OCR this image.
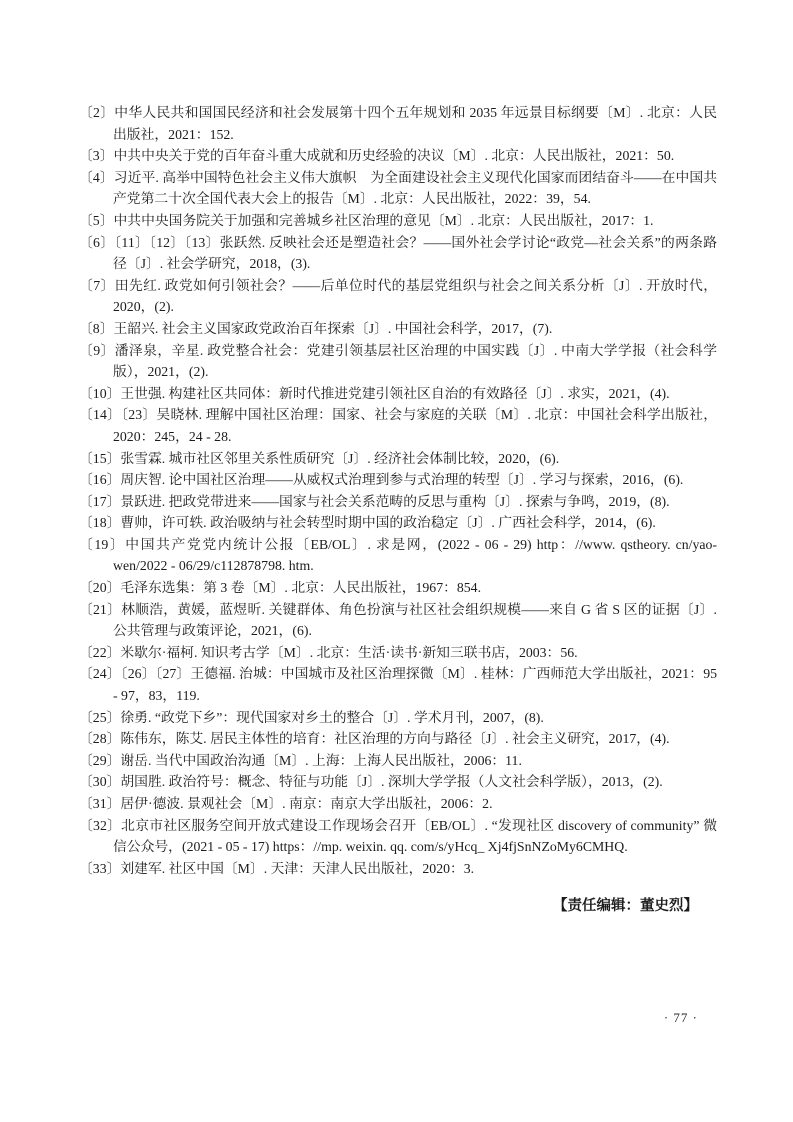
〔2〕中华人民共和国国民经济和社会发展第十四个五年规划和 2035 年远景目标纲要〔M〕. 北京：人民出版社，2021：152.

〔3〕中共中央关于党的百年奋斗重大成就和历史经验的决议〔M〕. 北京：人民出版社，2021：50.

〔4〕习近平. 高举中国特色社会主义伟大旗帜　为全面建设社会主义现代化国家而团结奋斗——在中国共产党第二十次全国代表大会上的报告〔M〕. 北京：人民出版社，2022：39，54.

〔5〕中共中央国务院关于加强和完善城乡社区治理的意见〔M〕. 北京：人民出版社，2017：1.

〔6〕〔11〕〔12〕〔13〕张跃然. 反映社会还是塑造社会？——国外社会学讨论“政党—社会关系”的两条路径〔J〕. 社会学研究，2018，(3).

〔7〕田先红. 政党如何引领社会？——后单位时代的基层党组织与社会之间关系分析〔J〕. 开放时代，2020，(2).

〔8〕王韶兴. 社会主义国家政党政治百年探索〔J〕. 中国社会科学，2017，(7).

〔9〕潘泽泉，辛星. 政党整合社会：党建引领基层社区治理的中国实践〔J〕. 中南大学学报（社会科学版），2021，(2).

〔10〕王世强. 构建社区共同体：新时代推进党建引领社区自治的有效路径〔J〕. 求实，2021，(4).

〔14〕〔23〕吴晓林. 理解中国社区治理：国家、社会与家庭的关联〔M〕. 北京：中国社会科学出版社，2020：245，24 - 28.

〔15〕张雪霖. 城市社区邻里关系性质研究〔J〕. 经济社会体制比较，2020，(6).

〔16〕周庆智. 论中国社区治理——从威权式治理到参与式治理的转型〔J〕. 学习与探索，2016，(6).

〔17〕景跃进. 把政党带进来——国家与社会关系范畴的反思与重构〔J〕. 探索与争鸣，2019，(8).

〔18〕曹帅，许可轶. 政治吸纳与社会转型时期中国的政治稳定〔J〕. 广西社会科学，2014，(6).

〔19〕中国共产党党内统计公报〔EB/OL〕. 求是网，(2022 - 06 - 29) http：//www. qstheory. cn/yao-wen/2022 - 06/29/c112878798. htm.

〔20〕毛泽东选集：第 3 卷〔M〕. 北京：人民出版社，1967：854.

〔21〕林顺浩，黄媛，蓝煜昕. 关键群体、角色扮演与社区社会组织规模——来自 G 省 S 区的证据〔J〕. 公共管理与政策评论，2021，(6).

〔22〕米歇尔·福柯. 知识考古学〔M〕. 北京：生活·读书·新知三联书店，2003：56.

〔24〕〔26〕〔27〕王德福. 治城：中国城市及社区治理探微〔M〕. 桂林：广西师范大学出版社，2021：95 - 97，83，119.

〔25〕徐勇. “政党下乡”：现代国家对乡土的整合〔J〕. 学术月刊，2007，(8).

〔28〕陈伟东，陈艾. 居民主体性的培育：社区治理的方向与路径〔J〕. 社会主义研究，2017，(4).

〔29〕谢岳. 当代中国政治沟通〔M〕. 上海：上海人民出版社，2006：11.

〔30〕胡国胜. 政治符号：概念、特征与功能〔J〕. 深圳大学学报（人文社会科学版），2013，(2).

〔31〕居伊·德波. 景观社会〔M〕. 南京：南京大学出版社，2006：2.

〔32〕北京市社区服务空间开放式建设工作现场会召开〔EB/OL〕. “发现社区 discovery of community” 微信公众号，(2021 - 05 - 17) https：//mp. weixin. qq. com/s/yHcq_ Xj4fjSnNZoMy6CMHQ.

〔33〕刘建军. 社区中国〔M〕. 天津：天津人民出版社，2020：3.

【责任编辑：董史烈】

· 77 ·
